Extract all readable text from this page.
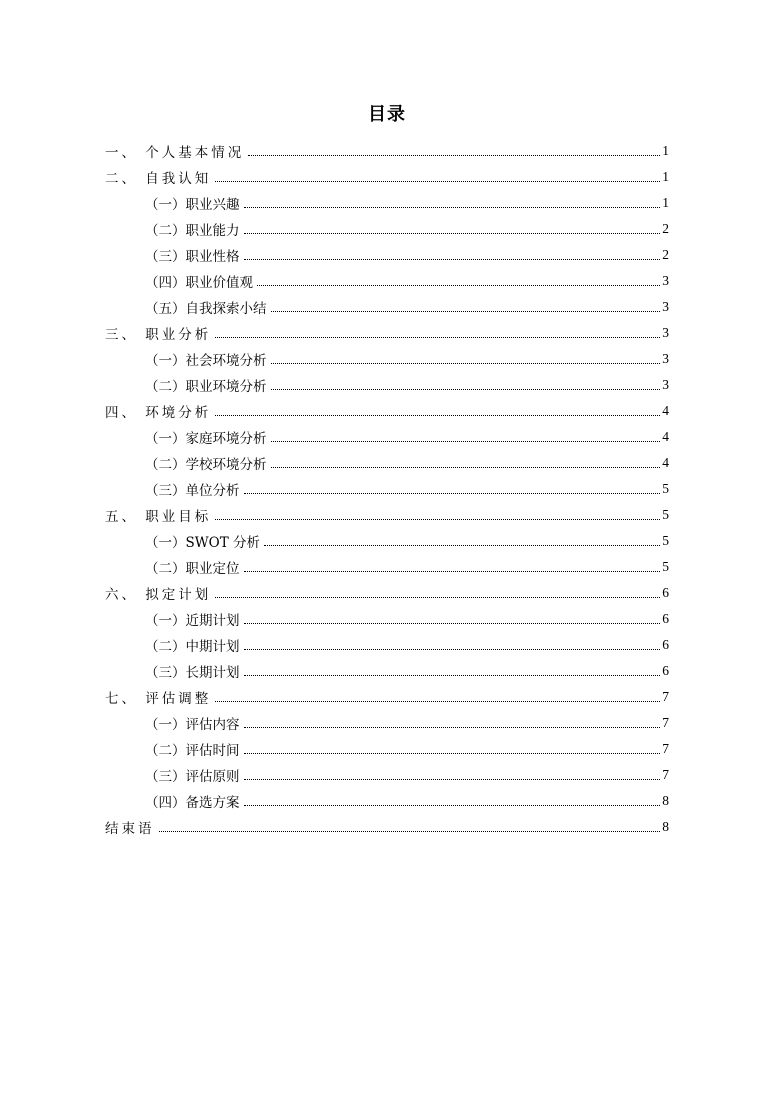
目录
一、 个人基本情况	1
二、 自我认知	1
（一）职业兴趣	1
（二）职业能力	2
（三）职业性格	2
（四）职业价值观	3
（五）自我探索小结	3
三、 职业分析	3
（一）社会环境分析	3
（二）职业环境分析	3
四、 环境分析	4
（一）家庭环境分析	4
（二）学校环境分析	4
（三）单位分析	5
五、 职业目标	5
（一）SWOT 分析	5
（二）职业定位	5
六、 拟定计划	6
（一）近期计划	6
（二）中期计划	6
（三）长期计划	6
七、 评估调整	7
（一）评估内容	7
（二）评估时间	7
（三）评估原则	7
（四）备选方案	8
结束语	8
